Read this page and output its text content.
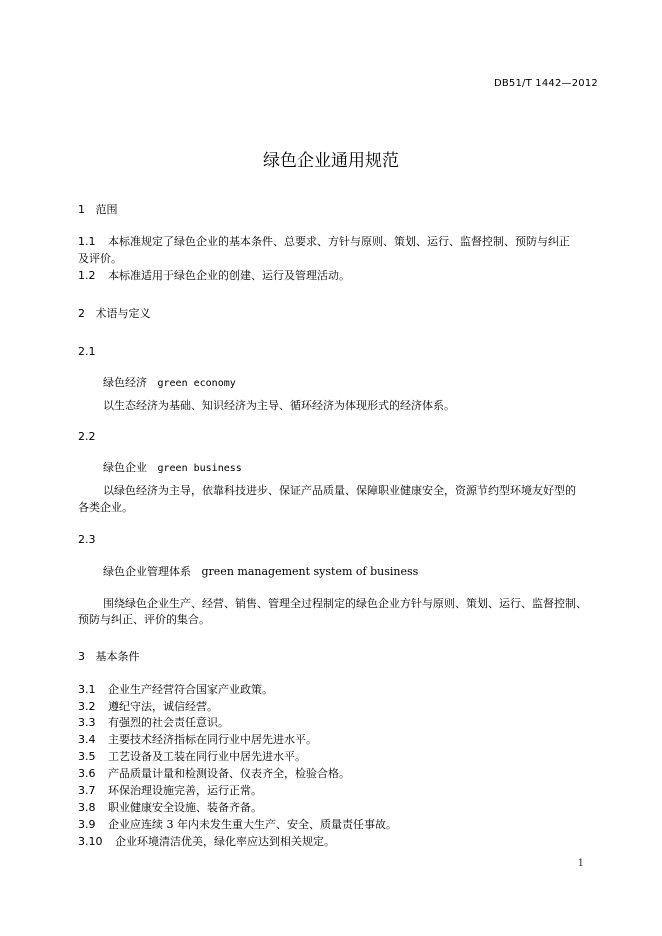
DB51/T 1442—2012
绿色企业通用规范
1 范围
1.1 本标准规定了绿色企业的基本条件、总要求、方针与原则、策划、运行、监督控制、预防与纠正
及评价。
1.2 本标准适用于绿色企业的创建、运行及管理活动。
2 术语与定义
2.1
绿色经济 green economy
以生态经济为基础、知识经济为主导、循环经济为体现形式的经济体系。
2.2
绿色企业 green business
以绿色经济为主导，依靠科技进步、保证产品质量、保障职业健康安全，资源节约型环境友好型的
各类企业。
2.3
绿色企业管理体系 green management system of business
围绕绿色企业生产、经营、销售、管理全过程制定的绿色企业方针与原则、策划、运行、监督控制、
预防与纠正、评价的集合。
3 基本条件
3.1 企业生产经营符合国家产业政策。
3.2 遵纪守法，诚信经营。
3.3 有强烈的社会责任意识。
3.4 主要技术经济指标在同行业中居先进水平。
3.5 工艺设备及工装在同行业中居先进水平。
3.6 产品质量计量和检测设备、仪表齐全，检验合格。
3.7 环保治理设施完善，运行正常。
3.8 职业健康安全设施、装备齐备。
3.9 企业应连续 3 年内未发生重大生产、安全、质量责任事故。
3.10 企业环境清洁优美，绿化率应达到相关规定。
1
